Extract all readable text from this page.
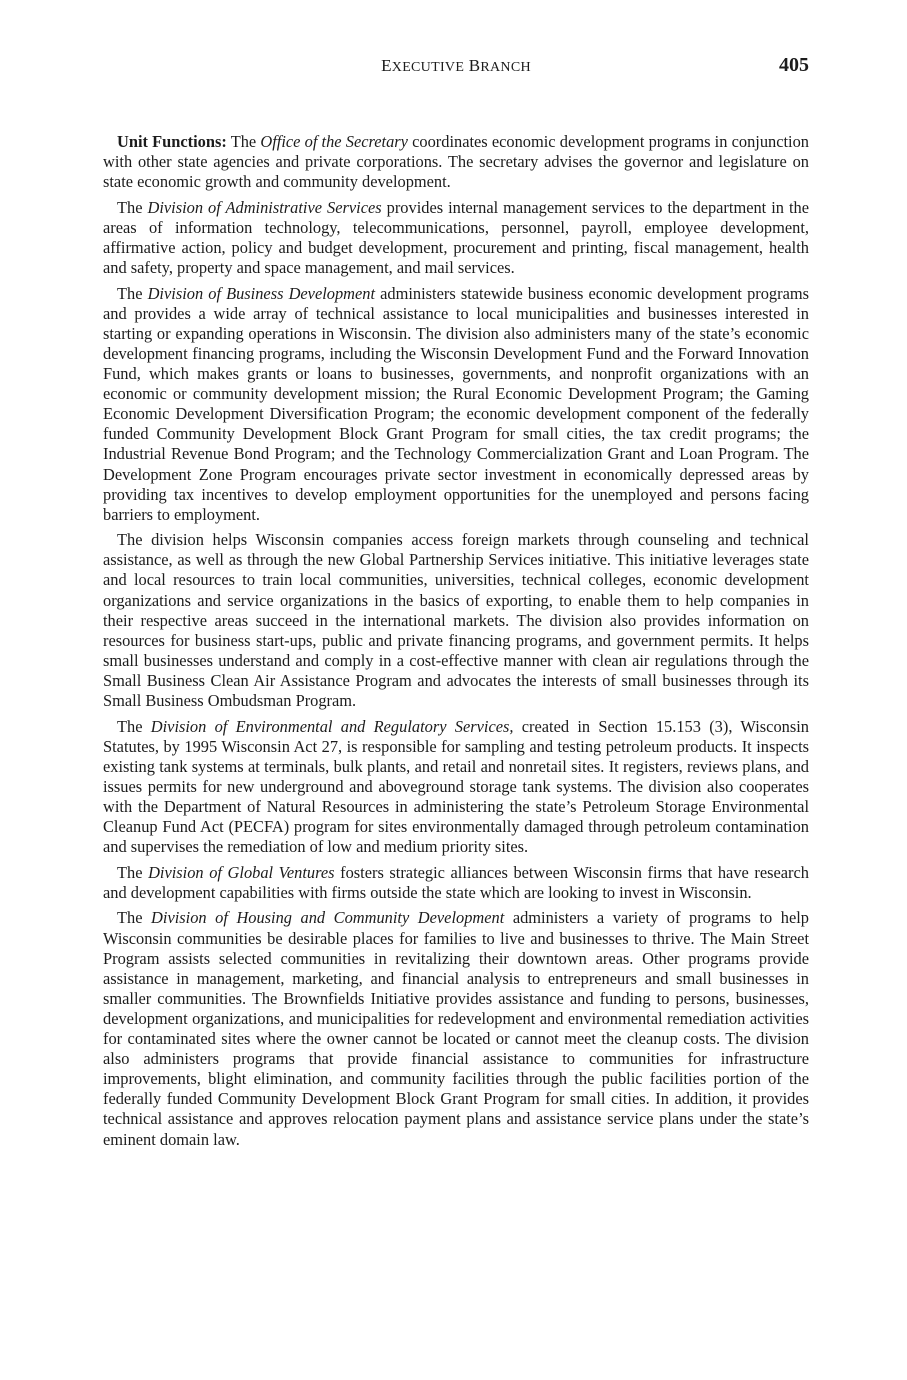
EXECUTIVE BRANCH	405

Unit Functions: The Office of the Secretary coordinates economic development programs in conjunction with other state agencies and private corporations. The secretary advises the governor and legislature on state economic growth and community development.

The Division of Administrative Services provides internal management services to the department in the areas of information technology, telecommunications, personnel, payroll, employee development, affirmative action, policy and budget development, procurement and printing, fiscal management, health and safety, property and space management, and mail services.

The Division of Business Development administers statewide business economic development programs and provides a wide array of technical assistance to local municipalities and businesses interested in starting or expanding operations in Wisconsin. The division also administers many of the state’s economic development financing programs, including the Wisconsin Development Fund and the Forward Innovation Fund, which makes grants or loans to businesses, governments, and nonprofit organizations with an economic or community development mission; the Rural Economic Development Program; the Gaming Economic Development Diversification Program; the economic development component of the federally funded Community Development Block Grant Program for small cities, the tax credit programs; the Industrial Revenue Bond Program; and the Technology Commercialization Grant and Loan Program. The Development Zone Program encourages private sector investment in economically depressed areas by providing tax incentives to develop employment opportunities for the unemployed and persons facing barriers to employment.

The division helps Wisconsin companies access foreign markets through counseling and technical assistance, as well as through the new Global Partnership Services initiative. This initiative leverages state and local resources to train local communities, universities, technical colleges, economic development organizations and service organizations in the basics of exporting, to enable them to help companies in their respective areas succeed in the international markets. The division also provides information on resources for business start-ups, public and private financing programs, and government permits. It helps small businesses understand and comply in a cost-effective manner with clean air regulations through the Small Business Clean Air Assistance Program and advocates the interests of small businesses through its Small Business Ombudsman Program.

The Division of Environmental and Regulatory Services, created in Section 15.153 (3), Wisconsin Statutes, by 1995 Wisconsin Act 27, is responsible for sampling and testing petroleum products. It inspects existing tank systems at terminals, bulk plants, and retail and nonretail sites. It registers, reviews plans, and issues permits for new underground and aboveground storage tank systems. The division also cooperates with the Department of Natural Resources in administering the state’s Petroleum Storage Environmental Cleanup Fund Act (PECFA) program for sites environmentally damaged through petroleum contamination and supervises the remediation of low and medium priority sites.

The Division of Global Ventures fosters strategic alliances between Wisconsin firms that have research and development capabilities with firms outside the state which are looking to invest in Wisconsin.

The Division of Housing and Community Development administers a variety of programs to help Wisconsin communities be desirable places for families to live and businesses to thrive. The Main Street Program assists selected communities in revitalizing their downtown areas. Other programs provide assistance in management, marketing, and financial analysis to entrepreneurs and small businesses in smaller communities. The Brownfields Initiative provides assistance and funding to persons, businesses, development organizations, and municipalities for redevelopment and environmental remediation activities for contaminated sites where the owner cannot be located or cannot meet the cleanup costs. The division also administers programs that provide financial assistance to communities for infrastructure improvements, blight elimination, and community facilities through the public facilities portion of the federally funded Community Development Block Grant Program for small cities. In addition, it provides technical assistance and approves relocation payment plans and assistance service plans under the state’s eminent domain law.
